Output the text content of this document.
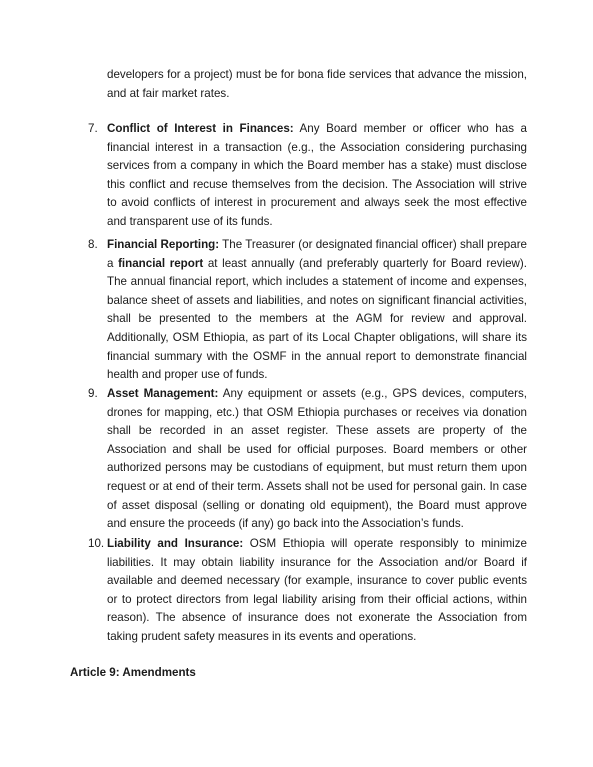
developers for a project) must be for bona fide services that advance the mission, and at fair market rates.
7. Conflict of Interest in Finances: Any Board member or officer who has a financial interest in a transaction (e.g., the Association considering purchasing services from a company in which the Board member has a stake) must disclose this conflict and recuse themselves from the decision. The Association will strive to avoid conflicts of interest in procurement and always seek the most effective and transparent use of its funds.
8. Financial Reporting: The Treasurer (or designated financial officer) shall prepare a financial report at least annually (and preferably quarterly for Board review). The annual financial report, which includes a statement of income and expenses, balance sheet of assets and liabilities, and notes on significant financial activities, shall be presented to the members at the AGM for review and approval. Additionally, OSM Ethiopia, as part of its Local Chapter obligations, will share its financial summary with the OSMF in the annual report to demonstrate financial health and proper use of funds.
9. Asset Management: Any equipment or assets (e.g., GPS devices, computers, drones for mapping, etc.) that OSM Ethiopia purchases or receives via donation shall be recorded in an asset register. These assets are property of the Association and shall be used for official purposes. Board members or other authorized persons may be custodians of equipment, but must return them upon request or at end of their term. Assets shall not be used for personal gain. In case of asset disposal (selling or donating old equipment), the Board must approve and ensure the proceeds (if any) go back into the Association’s funds.
10. Liability and Insurance: OSM Ethiopia will operate responsibly to minimize liabilities. It may obtain liability insurance for the Association and/or Board if available and deemed necessary (for example, insurance to cover public events or to protect directors from legal liability arising from their official actions, within reason). The absence of insurance does not exonerate the Association from taking prudent safety measures in its events and operations.
Article 9: Amendments
